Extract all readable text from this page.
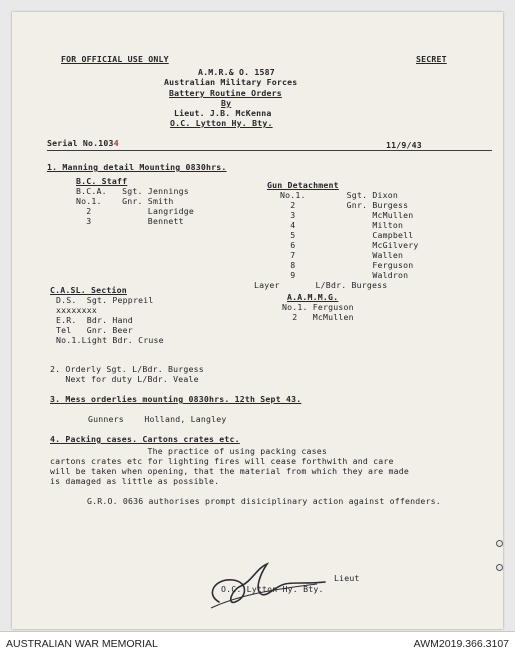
FOR OFFICIAL USE ONLY	SECRET
A.M.R.& O. 1587
Australian Military Forces
Battery Routine Orders
By
Lieut. J.B. McKenna
O.C. Lytton Hy. Bty.
Serial No.1034	11/9/43
1. Manning detail Mounting 0830hrs.
B.C. Staff
B.C.A.   Sgt. Jennings
No.1.    Gnr. Smith
2           Langridge
3           Bennett
Gun Detachment
No.1.        Sgt. Dixon
2          Gnr. Burgess
3               McMullen
4               Milton
5               Campbell
6               McGilvery
7               Wallen
8               Ferguson
9               Waldron
Layer       L/Bdr. Burgess
A.A.M.M.G.
No.1. Ferguson
2   McMullen
C.A.SL. Section
D.S.  Sgt. Peppreil
xxxxxxxx
E.R.  Bdr. Hand
Tel   Gnr. Beer
No.1.Light Bdr. Cruse
2. Orderly Sgt. L/Bdr. Burgess
Next for duty L/Bdr. Veale
3. Mess orderlies mounting 0830hrs. 12th Sept 43.
Gunners    Holland, Langley
4. Packing cases. Cartons crates etc.
The practice of using packing cases
cartons crates etc for lighting fires will cease forthwith and care
will be taken when opening, that the material from which they are made
is damaged as little as possible.
G.R.O. 0636 authorises prompt disiciplinary action against offenders.
Lieut
O.C. Lytton Hy. Bty.
AUSTRALIAN WAR MEMORIAL	AWM2019.366.3107
